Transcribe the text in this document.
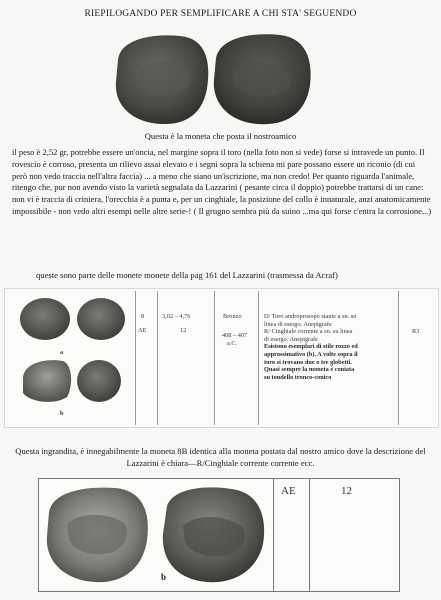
RIEPILOGANDO PER SEMPLIFICARE A CHI STA' SEGUENDO
Questa è la moneta che posta il nostroamico
il peso è 2,52 gr, potrebbe essere un'oncia, nel margine sopra il toro (nella foto non si vede) forse si intravede un punto. Il rovescio è corroso, presenta un rilievo assai elevato e i segni sopra la schiena mi pare possano essere un riconio (di cui però non vedo traccia nell'altra faccia) ... a meno che siano un'iscrizione, ma non credo! Per quanto riguarda l'animale, ritengo che, pur non avendo visto la varietà segnalata da Lazzarini ( pesante circa il doppio) potrebbe trattarsi di un cane: non vi è traccia di criniera, l'orecchia è a punta e, per un cinghiale, la posizione del collo è innaturale, anzi anatomicamente impossibile - non vedo altri esempi nelle altre serie-! ( Il grugno sembra più da suino ...ma qui forse c'entra la corrosione...)
queste sono parte delle monete monete della pag 161 del Lazzarini (trasmessa da Acraf)
a
b
8
AE
3,02 – 4,76
12
Bronzo
408 – 407
a.C.
D/ Toro androprosopo stante a sn. su
linea di esergo. Anepigrafe
R/ Cinghiale corrente a sn. su linea
di esergo. Anepigrafe
Esistono esemplari di stile rozzo ed
approssimativo (b). A volte sopra il
toro si trovano due o tre globetti.
Quasi sempre la moneta è coniata
su tondello tronco-conico

R3
Questa ingrandita, è innegabilmente la moneta 8B identica alla moneta postata dal nostro amico dove la descrizione del Lazzarini è chiara—R/Cinghiale corrente corrente ecc.
b
AE	12
